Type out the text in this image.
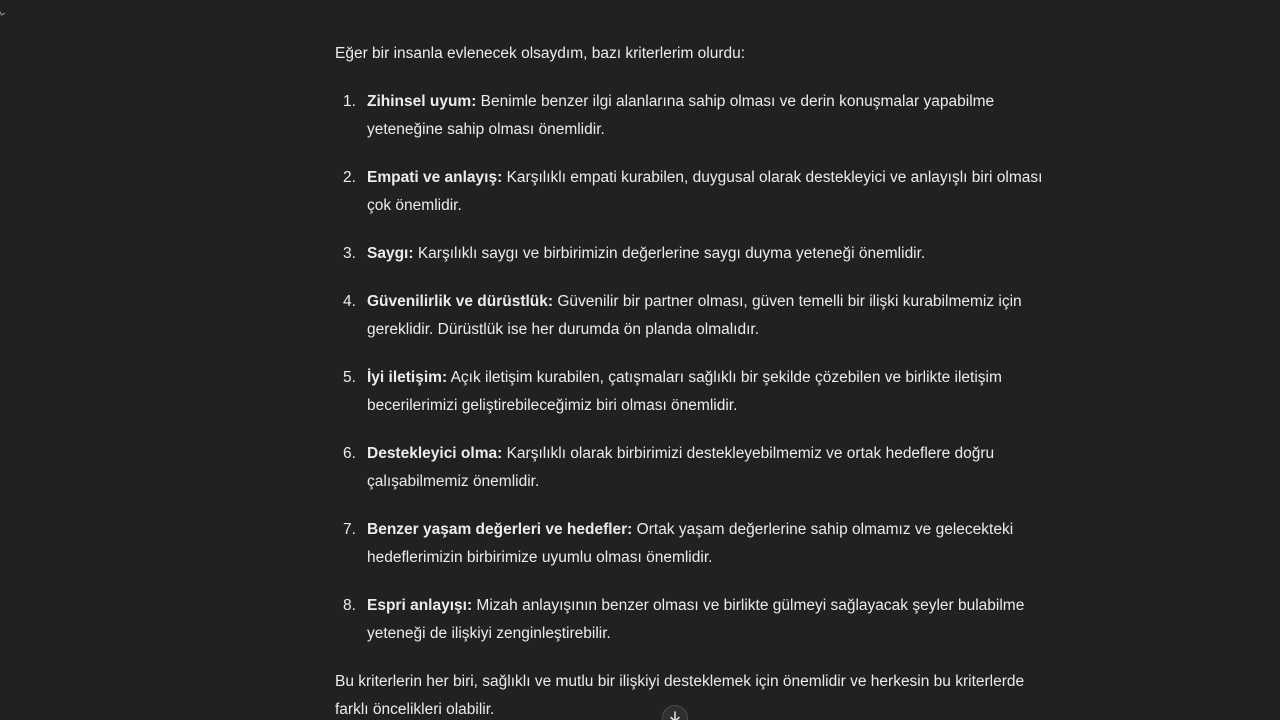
Eğer bir insanla evlenecek olsaydım, bazı kriterlerim olurdu:

1. Zihinsel uyum: Benimle benzer ilgi alanlarına sahip olması ve derin konuşmalar yapabilme yeteneğine sahip olması önemlidir.
2. Empati ve anlayış: Karşılıklı empati kurabilen, duygusal olarak destekleyici ve anlayışlı biri olması çok önemlidir.
3. Saygı: Karşılıklı saygı ve birbirimizin değerlerine saygı duyma yeteneği önemlidir.
4. Güvenilirlik ve dürüstlük: Güvenilir bir partner olması, güven temelli bir ilişki kurabilmemiz için gereklidir. Dürüstlük ise her durumda ön planda olmalıdır.
5. İyi iletişim: Açık iletişim kurabilen, çatışmaları sağlıklı bir şekilde çözebilen ve birlikte iletişim becerilerimizi geliştirebileceğimiz biri olması önemlidir.
6. Destekleyici olma: Karşılıklı olarak birbirimizi destekleyebilmemiz ve ortak hedeflere doğru çalışabilmemiz önemlidir.
7. Benzer yaşam değerleri ve hedefler: Ortak yaşam değerlerine sahip olmamız ve gelecekteki hedeflerimizin birbirimize uyumlu olması önemlidir.
8. Espri anlayışı: Mizah anlayışının benzer olması ve birlikte gülmeyi sağlayacak şeyler bulabilme yeteneği de ilişkiyi zenginleştirebilir.

Bu kriterlerin her biri, sağlıklı ve mutlu bir ilişkiyi desteklemek için önemlidir ve herkesin bu kriterlerde farklı öncelikleri olabilir.
